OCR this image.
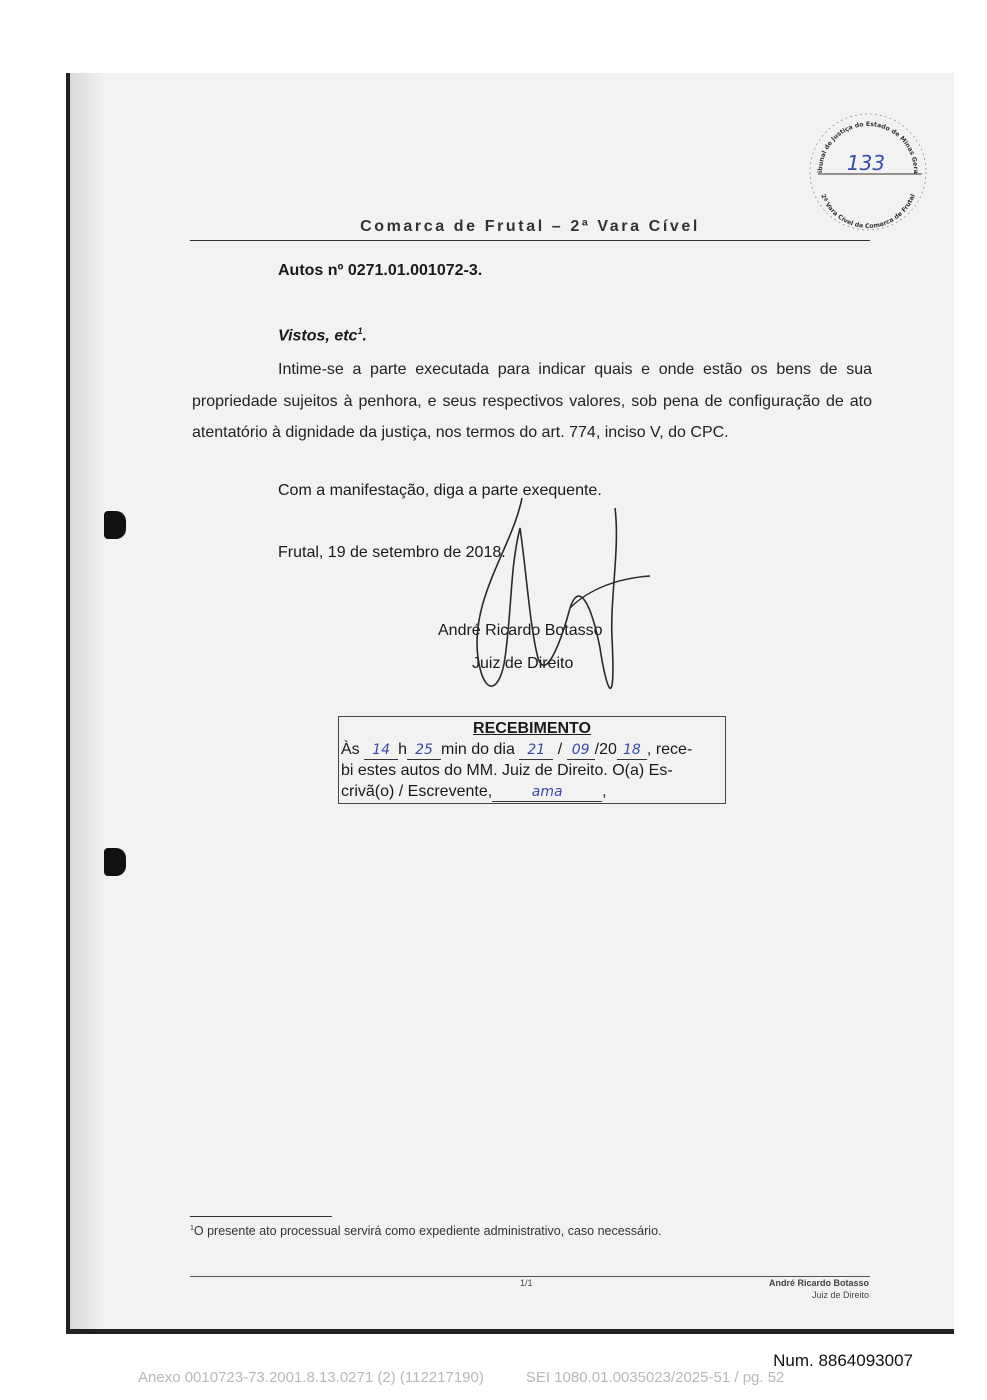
ibunal de Justiça do Estado de Minas Gera
2ª Vara Cível da Comarca de Frutal
133
Comarca de Frutal – 2ª Vara Cível
Autos nº 0271.01.001072-3.
Vistos, etc$^1$.
Intime-se a parte executada para indicar quais e onde estão os bens de sua propriedade sujeitos à penhora, e seus respectivos valores, sob pena de configuração de ato atentatório à dignidade da justiça, nos termos do art. 774, inciso V, do CPC.
Com a manifestação, diga a parte exequente.
Frutal, 19 de setembro de 2018.
André Ricardo Botasso
Juiz de Direito
RECEBIMENTO
Às 14 h 25 min do dia 21 / 09 /20 18 , rece-
bi estes autos do MM. Juiz de Direito. O(a) Es-
crivã(o) / Escrevente,	ama ,
$^1$O presente ato processual servirá como expediente administrativo, caso necessário.
1/1	André Ricardo Botasso
Juiz de Direito
Num. 8864093007
Anexo 0010723-73.2001.8.13.0271 (2) (112217190)	SEI 1080.01.0035023/2025-51 / pg. 52
